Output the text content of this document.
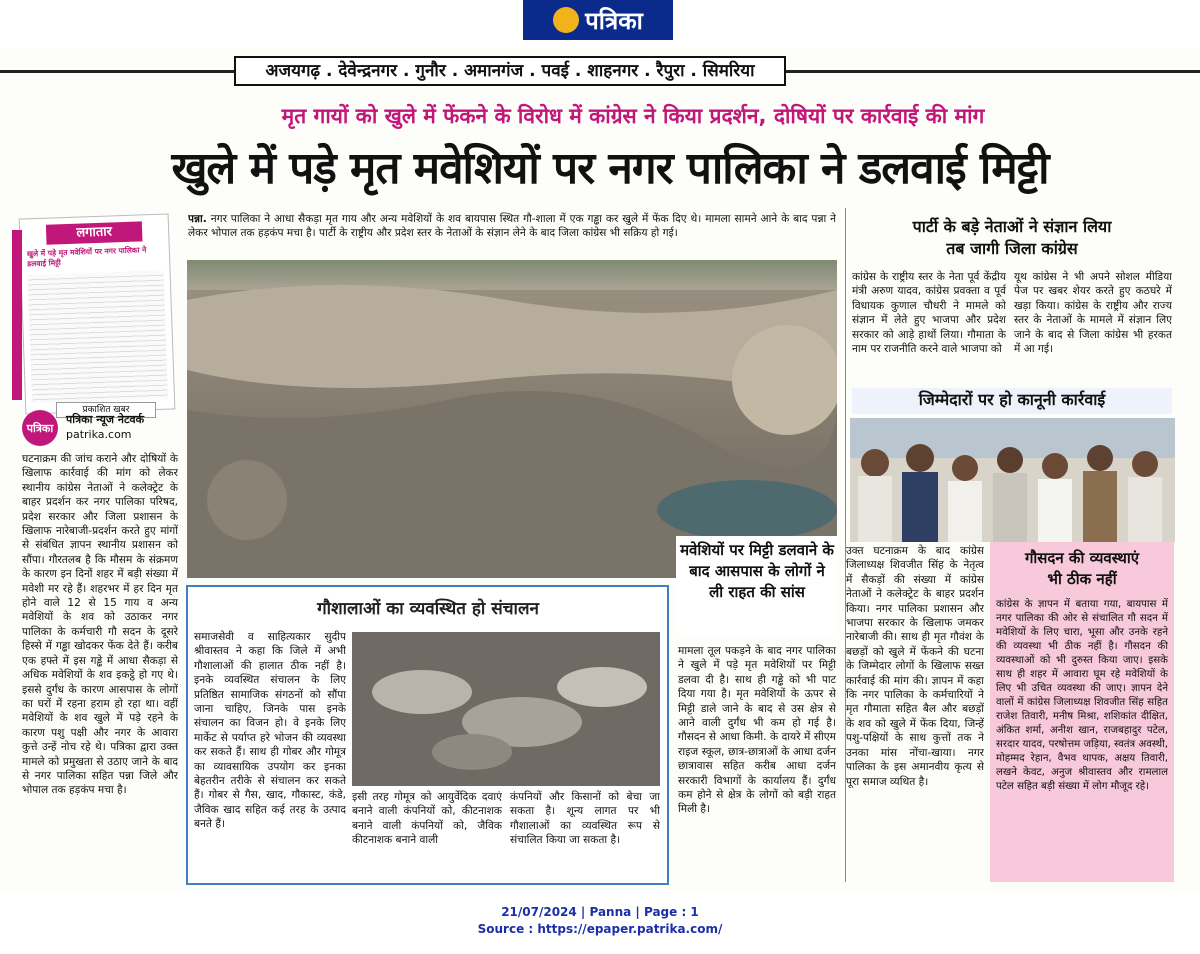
पत्रिका
अजयगढ़ . देवेन्द्रनगर . गुनौर . अमानगंज . पवई . शाहनगर . रैपुरा . सिमरिया
मृत गायों को खुले में फेंकने के विरोध में कांग्रेस ने किया प्रदर्शन, दोषियों पर कार्रवाई की मांग
खुले में पड़े मृत मवेशियों पर नगर पालिका ने डलवाई मिट्टी
लगातार
खुले में पड़े मृत मवेशियों पर नगर पालिका ने डलवाई मिट्टी
प्रकाशित खबर
पत्रिका
पत्रिका न्यूज नेटवर्क
patrika.com
घटनाक्रम की जांच कराने और दोषियों के खिलाफ कार्रवाई की मांग को लेकर स्थानीय कांग्रेस नेताओं ने कलेक्ट्रेट के बाहर प्रदर्शन कर नगर पालिका परिषद, प्रदेश सरकार और जिला प्रशासन के खिलाफ नारेबाजी-प्रदर्शन करते हुए मांगों से संबंधित ज्ञापन स्थानीय प्रशासन को सौंपा। गौरतलब है कि मौसम के संक्रमण के कारण इन दिनों शहर में बड़ी संख्या में मवेशी मर रहे हैं। शहरभर में हर दिन मृत होने वाले 12 से 15 गाय व अन्य मवेशियों के शव को उठाकर नगर पालिका के कर्मचारी गौ सदन के दूसरे हिस्से में गड्ढा खोदकर फेंक देते हैं। करीब एक हफ्ते में इस गड्ढे में आधा सैकड़ा से अधिक मवेशियों के शव इकट्ठे हो गए थे। इससे दुर्गंध के कारण आसपास के लोगों का घरों में रहना हराम हो रहा था। वहीं मवेशियों के शव खुले में पड़े रहने के कारण पशु पक्षी और नगर के आवारा कुत्ते उन्हें नोच रहे थे। पत्रिका द्वारा उक्त मामले को प्रमुखता से उठाए जाने के बाद से नगर पालिका सहित पन्ना जिले और भोपाल तक हड़कंप मचा है।
पन्ना. नगर पालिका ने आधा सैकड़ा मृत गाय और अन्य मवेशियों के शव बायपास स्थित गौ-शाला में एक गड्ढा कर खुले में फेंक दिए थे। मामला सामने आने के बाद पन्ना ने लेकर भोपाल तक हड़कंप मचा है। पार्टी के राष्ट्रीय और प्रदेश स्तर के नेताओं के संज्ञान लेने के बाद जिला कांग्रेस भी सक्रिय हो गई।
मवेशियों पर मिट्टी डलवाने के बाद आसपास के लोगों ने ली राहत की सांस
मामला तूल पकड़ने के बाद नगर पालिका ने खुले में पड़े मृत मवेशियों पर मिट्टी डलवा दी है। साथ ही गड्ढे को भी पाट दिया गया है। मृत मवेशियों के ऊपर से मिट्टी डाले जाने के बाद से उस क्षेत्र से आने वाली दुर्गंध भी कम हो गई है। गौसदन से आधा किमी. के दायरे में सीएम राइज स्कूल, छात्र-छात्राओं के आधा दर्जन छात्रावास सहित करीब आधा दर्जन सरकारी विभागों के कार्यालय हैं। दुर्गंध कम होने से क्षेत्र के लोगों को बड़ी राहत मिली है।
गौशालाओं का व्यवस्थित हो संचालन
समाजसेवी व साहित्यकार सुदीप श्रीवास्तव ने कहा कि जिले में अभी गौशालाओं की हालात ठीक नहीं है। इनके व्यवस्थित संचालन के लिए प्रतिष्ठित सामाजिक संगठनों को सौंपा जाना चाहिए, जिनके पास इनके संचालन का विजन हो। वे इनके लिए मार्केट से पर्याप्त हरे भोजन की व्यवस्था कर सकते हैं। साथ ही गोबर और गोमूत्र का व्यावसायिक उपयोग कर इनका बेहतरीन तरीके से संचालन कर सकते हैं। गोबर से गैस, खाद, गौकास्ट, कंडे, जैविक खाद सहित कई तरह के उत्पाद बनते हैं।
इसी तरह गोमूत्र को आयुर्वेदिक दवाएं बनाने वाली कंपनियों को, कीटनाशक बनाने वाली कंपनियों को, जैविक कीटनाशक बनाने वाली
कंपनियों और किसानों को बेचा जा सकता है। शून्य लागत पर भी गौशालाओं का व्यवस्थित रूप से संचालित किया जा सकता है।
पार्टी के बड़े नेताओं ने संज्ञान लिया
तब जागी जिला कांग्रेस
कांग्रेस के राष्ट्रीय स्तर के नेता पूर्व केंद्रीय मंत्री अरुण यादव, कांग्रेस प्रवक्ता व पूर्व विधायक कुणाल चौधरी ने मामले को संज्ञान में लेते हुए भाजपा और प्रदेश सरकार को आड़े हाथों लिया। गौमाता के नाम पर राजनीति करने वाले भाजपा को
यूथ कांग्रेस ने भी अपने सोशल मीडिया पेज पर खबर शेयर करते हुए कठघरे में खड़ा किया। कांग्रेस के राष्ट्रीय और राज्य स्तर के नेताओं के मामले में संज्ञान लिए जाने के बाद से जिला कांग्रेस भी हरकत में आ गई।
जिम्मेदारों पर हो कानूनी कार्रवाई
उक्त घटनाक्रम के बाद कांग्रेस जिलाध्यक्ष शिवजीत सिंह के नेतृत्व में सैकड़ों की संख्या में कांग्रेस नेताओं ने कलेक्ट्रेट के बाहर प्रदर्शन किया। नगर पालिका प्रशासन और भाजपा सरकार के खिलाफ जमकर नारेबाजी की। साथ ही मृत गौवंश के बछड़ों को खुले में फेंकने की घटना के जिम्मेदार लोगों के खिलाफ सख्त कार्रवाई की मांग की। ज्ञापन में कहा कि नगर पालिका के कर्मचारियों ने मृत गौमाता सहित बैल और बछड़ों के शव को खुले में फेंक दिया, जिन्हें पशु-पक्षियों के साथ कुत्तों तक ने उनका मांस नोंचा-खाया। नगर पालिका के इस अमानवीय कृत्य से पूरा समाज व्यथित है।
गौसदन की व्यवस्थाएं
भी ठीक नहीं
कांग्रेस के ज्ञापन में बताया गया, बायपास में नगर पालिका की ओर से संचालित गौ सदन में मवेशियों के लिए चारा, भूसा और उनके रहने की व्यवस्था भी ठीक नहीं है। गौसदन की व्यवस्थाओं को भी दुरुस्त किया जाए। इसके साथ ही शहर में आवारा घूम रहे मवेशियों के लिए भी उचित व्यवस्था की जाए। ज्ञापन देने वालों में कांग्रेस जिलाध्यक्ष शिवजीत सिंह सहित राजेश तिवारी, मनीष मिश्रा, शशिकांत दीक्षित, अंकित शर्मा, अनीश खान, राजबहादुर पटेल, सरदार यादव, परषोत्तम जड़िया, स्वतंत्र अवस्थी, मोहम्मद रेहान, वैभव थापक, अक्षय तिवारी, लखने केवट, अनुज श्रीवास्तव और रामलाल पटेल सहित बड़ी संख्या में लोग मौजूद रहे।
21/07/2024 | Panna | Page : 1
Source : https://epaper.patrika.com/
